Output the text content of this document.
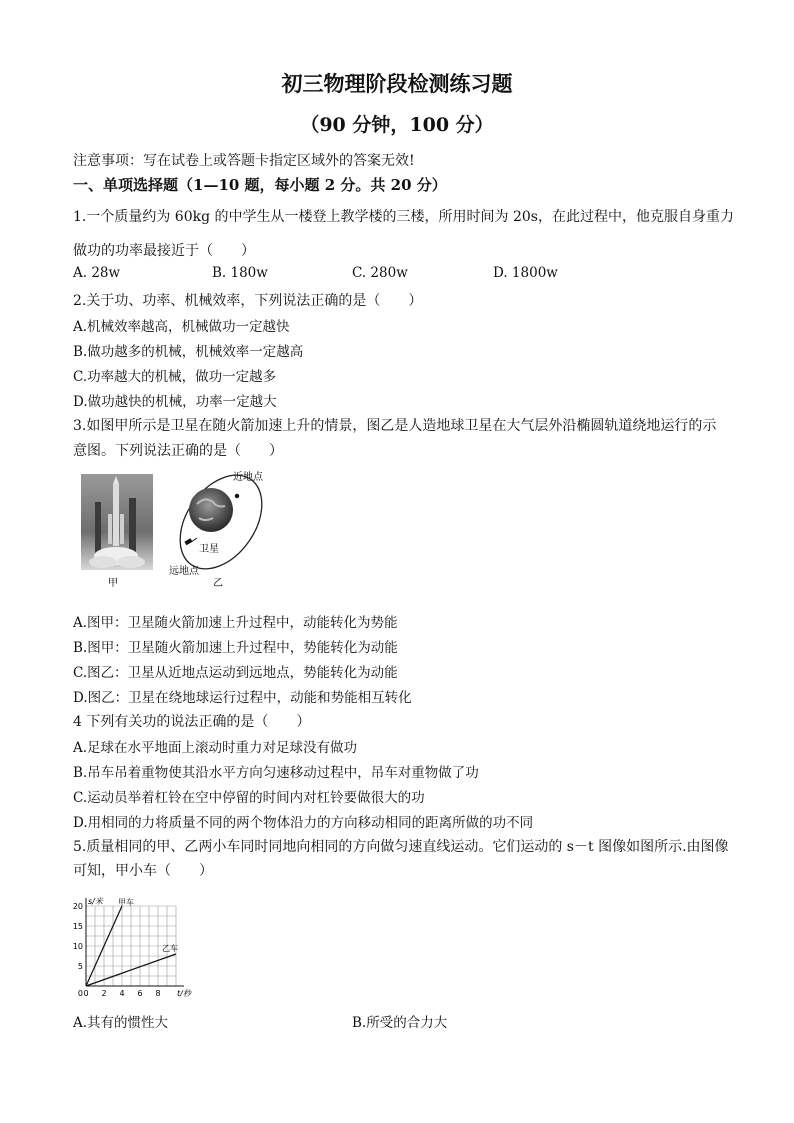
初三物理阶段检测练习题
（90 分钟，100 分）
注意事项：写在试卷上或答题卡指定区域外的答案无效!
一、单项选择题（1—10 题，每小题 2 分。共 20 分）
1.一个质量约为 60kg 的中学生从一楼登上教学楼的三楼，所用时间为 20s，在此过程中，他克服自身重力
做功的功率最接近于（　　）
A. 28w	B. 180w	C. 280w	D. 1800w
2.关于功、功率、机械效率，下列说法正确的是（　　）
A.机械效率越高，机械做功一定越快
B.做功越多的机械，机械效率一定越高
C.功率越大的机械，做功一定越多
D.做功越快的机械，功率一定越大
3.如图甲所示是卫星在随火箭加速上升的情景，图乙是人造地球卫星在大气层外沿椭圆轨道绕地运行的示
意图。下列说法正确的是（　　）
甲
近地点
卫星
远地点
乙
A.图甲：卫星随火箭加速上升过程中，动能转化为势能
B.图甲：卫星随火箭加速上升过程中，势能转化为动能
C.图乙：卫星从近地点运动到远地点，势能转化为动能
D.图乙：卫星在绕地球运行过程中，动能和势能相互转化
4 下列有关功的说法正确的是（　　）
A.足球在水平地面上滚动时重力对足球没有做功
B.吊车吊着重物使其沿水平方向匀速移动过程中，吊车对重物做了功
C.运动员举着杠铃在空中停留的时间内对杠铃要做很大的功
D.用相同的力将质量不同的两个物体沿力的方向移动相同的距离所做的功不同
5.质量相同的甲、乙两小车同时同地向相同的方向做匀速直线运动。它们运动的 s－t 图像如图所示.由图像
可知，甲小车（　　）
0 2 4 6 8
5
10
15
20
0
s/米
t/秒
甲车
乙车
A.其有的惯性大	B.所受的合力大
